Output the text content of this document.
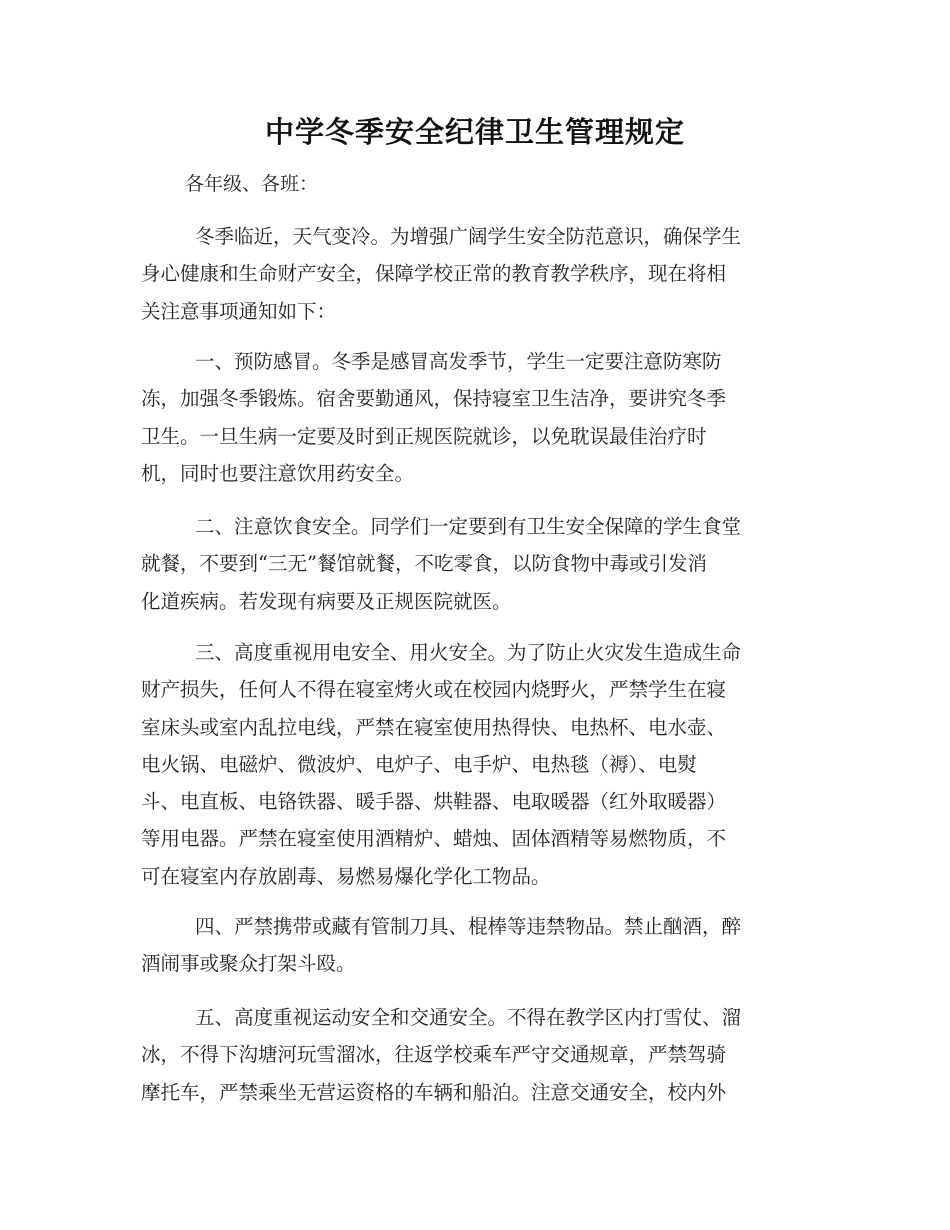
中学冬季安全纪律卫生管理规定
各年级、各班：
冬季临近，天气变冷。为增强广阔学生安全防范意识，确保学生
身心健康和生命财产安全，保障学校正常的教育教学秩序，现在将相
关注意事项通知如下：
一、预防感冒。冬季是感冒高发季节，学生一定要注意防寒防
冻，加强冬季锻炼。宿舍要勤通风，保持寝室卫生洁净，要讲究冬季
卫生。一旦生病一定要及时到正规医院就诊，以免耽误最佳治疗时
机，同时也要注意饮用药安全。
二、注意饮食安全。同学们一定要到有卫生安全保障的学生食堂
就餐，不要到“三无”餐馆就餐，不吃零食，以防食物中毒或引发消
化道疾病。若发现有病要及正规医院就医。
三、高度重视用电安全、用火安全。为了防止火灾发生造成生命
财产损失，任何人不得在寝室烤火或在校园内烧野火，严禁学生在寝
室床头或室内乱拉电线，严禁在寝室使用热得快、电热杯、电水壶、
电火锅、电磁炉、微波炉、电炉子、电手炉、电热毯（褥）、电熨
斗、电直板、电铬铁器、暖手器、烘鞋器、电取暖器（红外取暖器）
等用电器。严禁在寝室使用酒精炉、蜡烛、固体酒精等易燃物质，不
可在寝室内存放剧毒、易燃易爆化学化工物品。
四、严禁携带或藏有管制刀具、棍棒等违禁物品。禁止酗酒，醉
酒闹事或聚众打架斗殴。
五、高度重视运动安全和交通安全。不得在教学区内打雪仗、溜
冰，不得下沟塘河玩雪溜冰，往返学校乘车严守交通规章，严禁驾骑
摩托车，严禁乘坐无营运资格的车辆和船泊。注意交通安全，校内外
